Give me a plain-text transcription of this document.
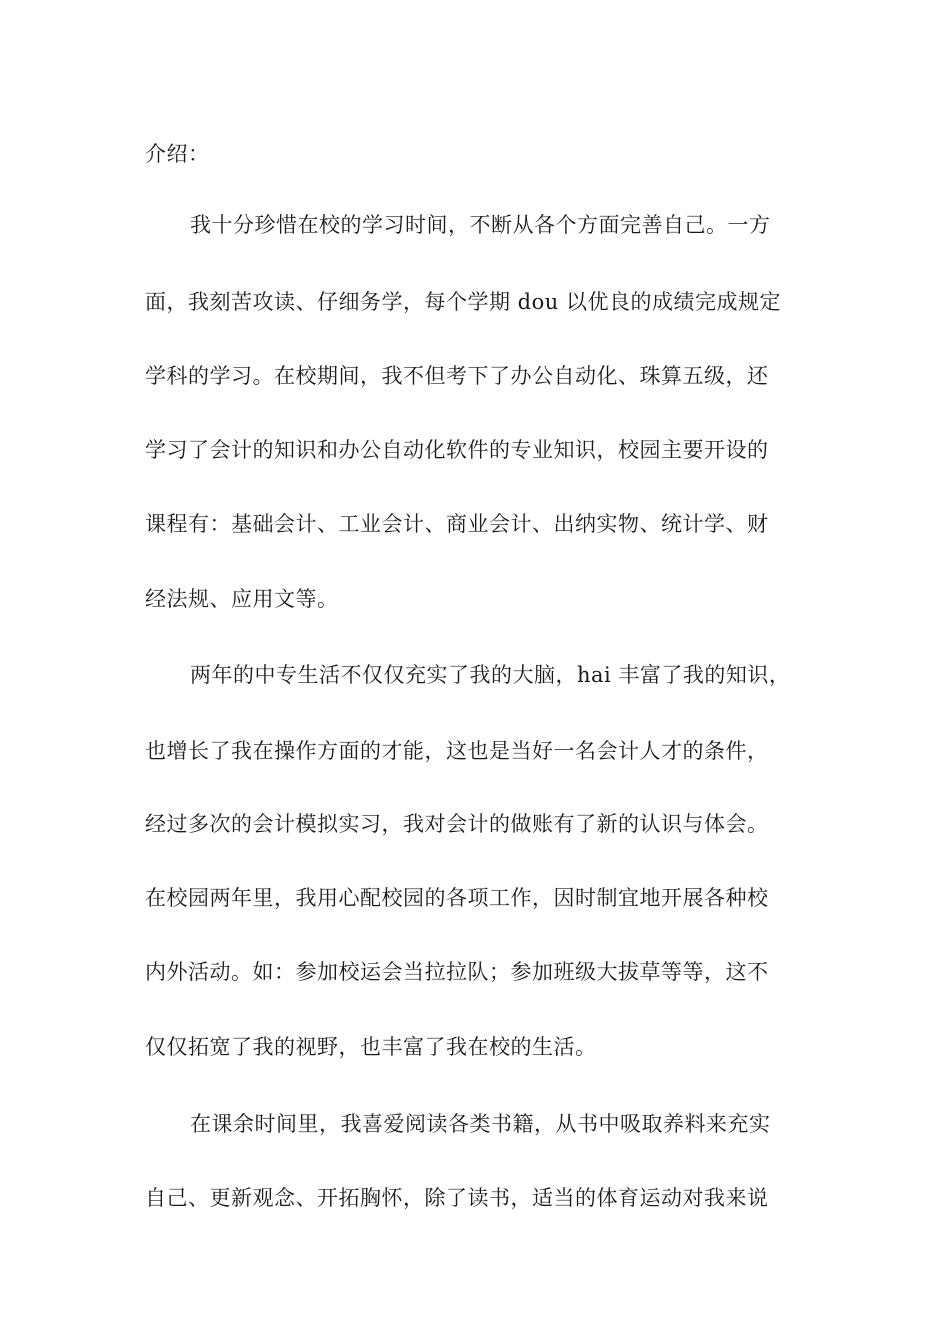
介绍：
我十分珍惜在校的学习时间，不断从各个方面完善自己。一方
面，我刻苦攻读、仔细务学，每个学期 dou 以优良的成绩完成规定
学科的学习。在校期间，我不但考下了办公自动化、珠算五级，还
学习了会计的知识和办公自动化软件的专业知识，校园主要开设的
课程有：基础会计、工业会计、商业会计、出纳实物、统计学、财
经法规、应用文等。
两年的中专生活不仅仅充实了我的大脑，hai 丰富了我的知识，
也增长了我在操作方面的才能，这也是当好一名会计人才的条件，
经过多次的会计模拟实习，我对会计的做账有了新的认识与体会。
在校园两年里，我用心配校园的各项工作，因时制宜地开展各种校
内外活动。如：参加校运会当拉拉队；参加班级大拔草等等，这不
仅仅拓宽了我的视野，也丰富了我在校的生活。
在课余时间里，我喜爱阅读各类书籍，从书中吸取养料来充实
自己、更新观念、开拓胸怀，除了读书，适当的体育运动对我来说
